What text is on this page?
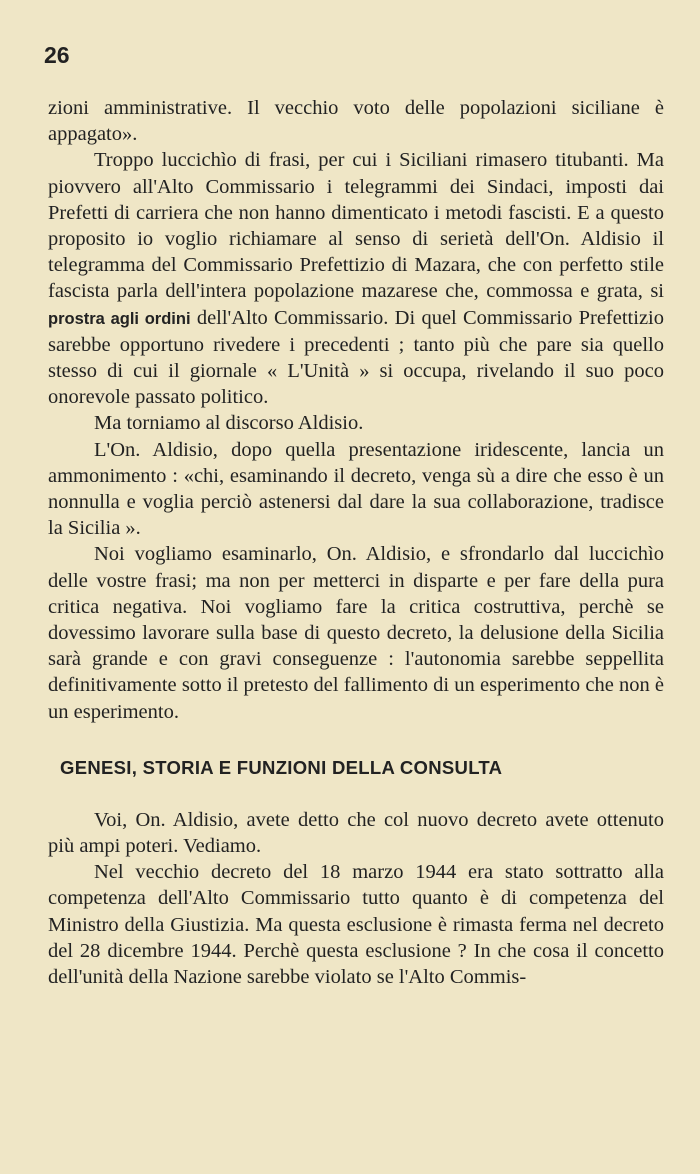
26

zioni amministrative. Il vecchio voto delle popolazioni siciliane è appagato».

Troppo luccichìo di frasi, per cui i Siciliani rimasero titubanti. Ma piovvero all'Alto Commissario i telegrammi dei Sindaci, imposti dai Prefetti di carriera che non hanno dimenticato i metodi fascisti. E a questo proposito io voglio richiamare al senso di serietà dell'On. Aldisio il telegramma del Commissario Prefettizio di Mazara, che con perfetto stile fascista parla dell'intera popolazione mazarese che, commossa e grata, si prostra agli ordini dell'Alto Commissario. Di quel Commissario Prefettizio sarebbe opportuno rivedere i precedenti ; tanto più che pare sia quello stesso di cui il giornale « L'Unità » si occupa, rivelando il suo poco onorevole passato politico.

Ma torniamo al discorso Aldisio.

L'On. Aldisio, dopo quella presentazione iridescente, lancia un ammonimento : «chi, esaminando il decreto, venga sù a dire che esso è un nonnulla e voglia perciò astenersi dal dare la sua collaborazione, tradisce la Sicilia ».

Noi vogliamo esaminarlo, On. Aldisio, e sfrondarlo dal luccichìo delle vostre frasi; ma non per metterci in disparte e per fare della pura critica negativa. Noi vogliamo fare la critica costruttiva, perchè se dovessimo lavorare sulla base di questo decreto, la delusione della Sicilia sarà grande e con gravi conseguenze : l'autonomia sarebbe seppellita definitivamente sotto il pretesto del fallimento di un esperimento che non è un esperimento.

GENESI, STORIA E FUNZIONI DELLA CONSULTA

Voi, On. Aldisio, avete detto che col nuovo decreto avete ottenuto più ampi poteri. Vediamo.

Nel vecchio decreto del 18 marzo 1944 era stato sottratto alla competenza dell'Alto Commissario tutto quanto è di competenza del Ministro della Giustizia. Ma questa esclusione è rimasta ferma nel decreto del 28 dicembre 1944. Perchè questa esclusione ? In che cosa il concetto dell'unità della Nazione sarebbe violato se l'Alto Commis-
